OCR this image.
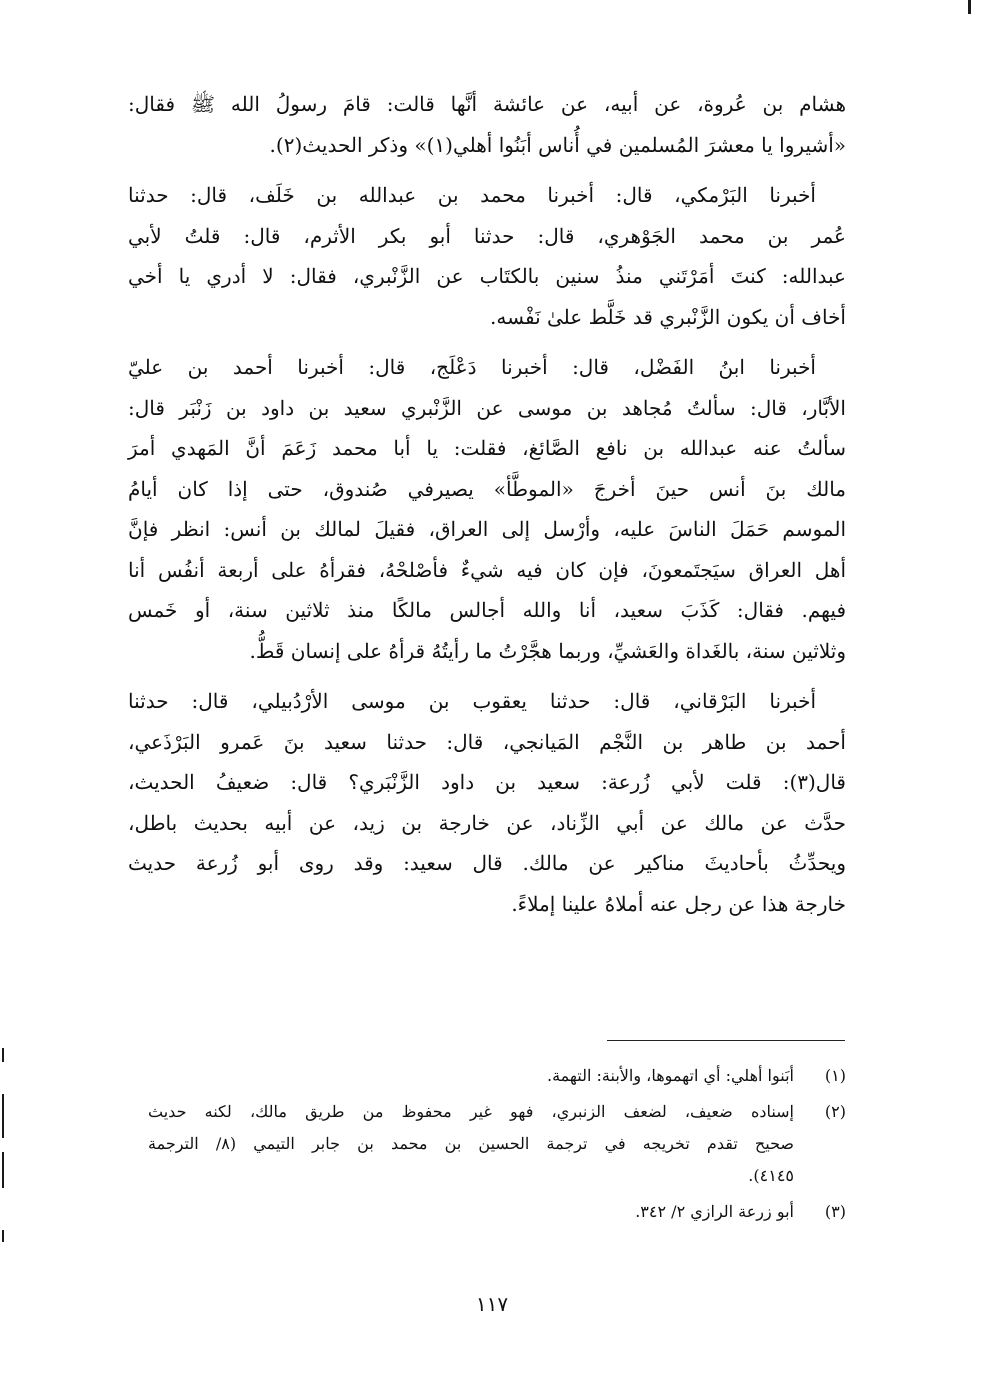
هشام بن عُروة، عن أبيه، عن عائشة أنَّها قالت: قامَ رسولُ الله ﷺ فقال:
«أشيروا يا معشرَ المُسلمين في أُناس أبَنُوا أهلي(١)» وذكر الحديث(٢).
أخبرنا البَرْمكي، قال: أخبرنا محمد بن عبدالله بن خَلَف، قال: حدثنا
عُمر بن محمد الجَوْهري، قال: حدثنا أبو بكر الأثرم، قال: قلتُ لأبي
عبدالله: كنتَ أمَرْتَني منذُ سنين بالكتَاب عن الزَّنْبري، فقال: لا أدري يا أخي
أخاف أن يكون الزَّنْبري قد خَلَّط علىٰ نَفْسه.
أخبرنا ابنُ الفَضْل، قال: أخبرنا دَعْلَج، قال: أخبرنا أحمد بن عليّ
الأبَّار، قال: سألتُ مُجاهد بن موسى عن الزَّنْبري سعيد بن داود بن زَنْبَر قال:
سألتُ عنه عبدالله بن نافع الصَّائغ، فقلت: يا أبا محمد زَعَمَ أنَّ المَهدي أمرَ
مالك بنَ أنس حينَ أخرجَ «الموطَّأ» يصيرفي صُندوق، حتى إذا كان أيامُ
الموسم حَمَلَ الناسَ عليه، وأرْسل إلى العراق، فقيلَ لمالك بن أنس: انظر فإنَّ
أهل العراق سيَجتَمعونَ، فإن كان فيه شيءٌ فأصْلحْهُ، فقرأهُ على أربعة أنفُس أنا
فيهم. فقال: كَذَبَ سعيد، أنا والله أجالس مالكًا منذ ثلاثين سنة، أو خَمس
وثلاثين سنة، بالغَداة والعَشيِّ، وربما هجَّرْتُ ما رأيتُهُ قرأهُ على إنسان قَطُّ.
أخبرنا البَرْقاني، قال: حدثنا يعقوب بن موسى الأرْدُبيلي، قال: حدثنا
أحمد بن طاهر بن النَّجْم المَيانجي، قال: حدثنا سعيد بنَ عَمرو البَرْذَعي،
قال(٣): قلت لأبي زُرعة: سعيد بن داود الزَّنْبَري؟ قال: ضعيفُ الحديث،
حدَّث عن مالك عن أبي الزِّناد، عن خارجة بن زيد، عن أبيه بحديث باطل،
ويحدِّثُ بأحاديثَ مناكير عن مالك. قال سعيد: وقد روى أبو زُرعة حديث
خارجة هذا عن رجل عنه أملاهُ علينا إملاءً.
(١)
أبَنوا أهلي: أي اتهموها، والأبنة: التهمة.
(٢)
إسناده ضعيف، لضعف الزنبري، فهو غير محفوظ من طريق مالك، لكنه حديث
صحيح تقدم تخريجه في ترجمة الحسين بن محمد بن جابر التيمي (٨/ الترجمة
٤١٤٥).
(٣)
أبو زرعة الرازي ٢/ ٣٤٢.
١١٧
